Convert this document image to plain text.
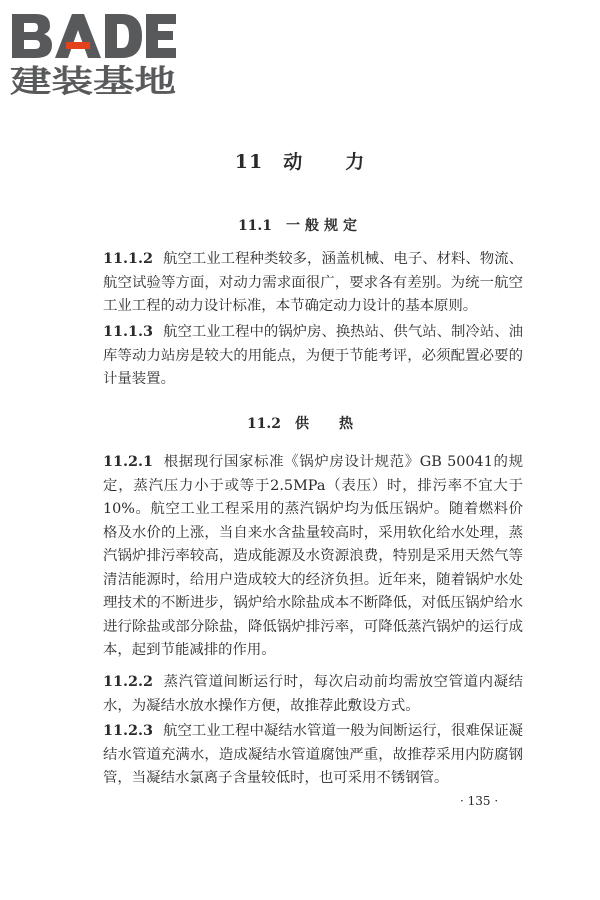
建装基地
11 动 力
11.1 一般规定

11.1.2 航空工业工程种类较多，涵盖机械、电子、材料、物流、航空试验等方面，对动力需求面很广，要求各有差别。为统一航空工业工程的动力设计标准，本节确定动力设计的基本原则。

11.1.3 航空工业工程中的锅炉房、换热站、供气站、制冷站、油库等动力站房是较大的用能点，为便于节能考评，必须配置必要的计量装置。

11.2 供 热

11.2.1 根据现行国家标准《锅炉房设计规范》GB 50041的规定，蒸汽压力小于或等于2.5MPa（表压）时，排污率不宜大于10%。航空工业工程采用的蒸汽锅炉均为低压锅炉。随着燃料价格及水价的上涨，当自来水含盐量较高时，采用软化给水处理，蒸汽锅炉排污率较高，造成能源及水资源浪费，特别是采用天然气等清洁能源时，给用户造成较大的经济负担。近年来，随着锅炉水处理技术的不断进步，锅炉给水除盐成本不断降低，对低压锅炉给水进行除盐或部分除盐，降低锅炉排污率，可降低蒸汽锅炉的运行成本，起到节能减排的作用。

11.2.2 蒸汽管道间断运行时，每次启动前均需放空管道内凝结水，为凝结水放水操作方便，故推荐此敷设方式。

11.2.3 航空工业工程中凝结水管道一般为间断运行，很难保证凝结水管道充满水，造成凝结水管道腐蚀严重，故推荐采用内防腐钢管，当凝结水氯离子含量较低时，也可采用不锈钢管。

· 135 ·
